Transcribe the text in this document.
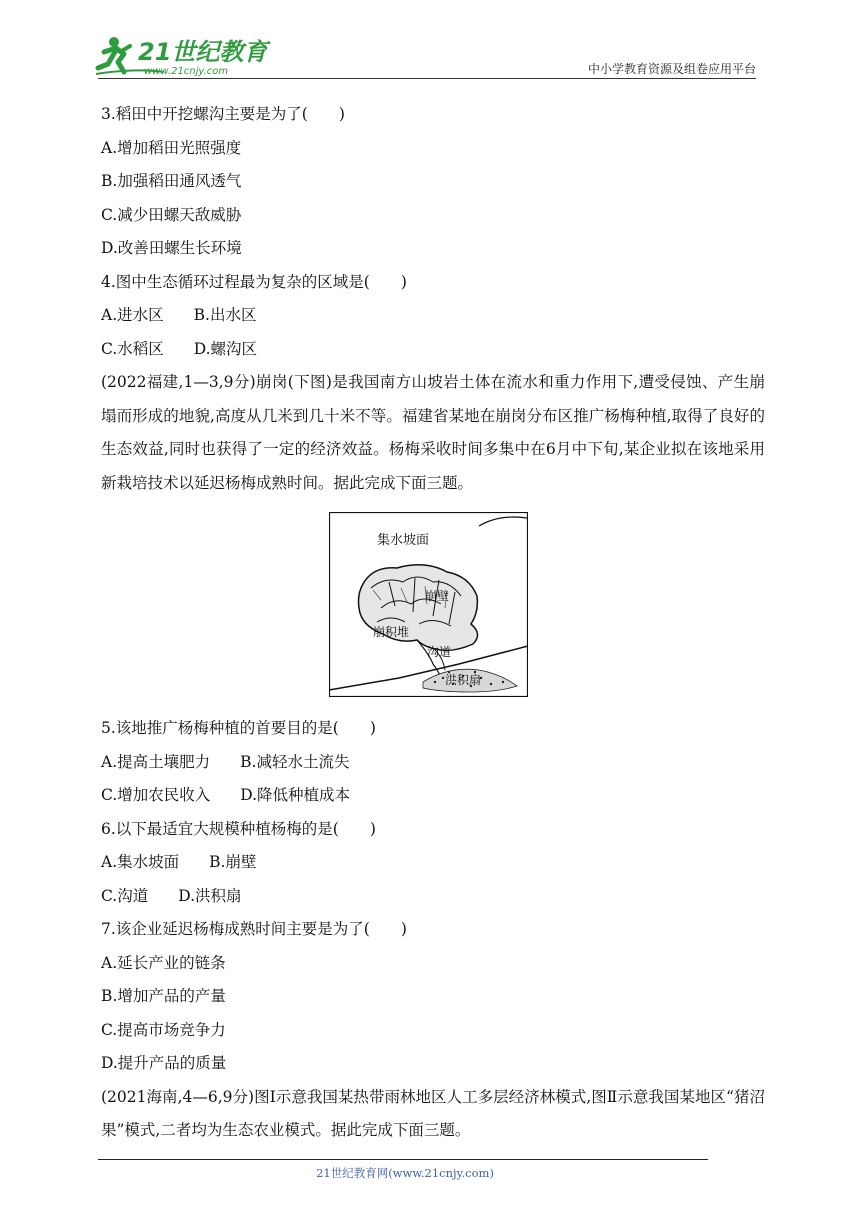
21世纪教育
www.21cnjy.com	中小学教育资源及组卷应用平台
3.稻田中开挖螺沟主要是为了(　　)
A.增加稻田光照强度
B.加强稻田通风透气
C.减少田螺天敌威胁
D.改善田螺生长环境
4.图中生态循环过程最为复杂的区域是(　　)
A.进水区 B.出水区
C.水稻区 D.螺沟区
(2022福建,1—3,9分)崩岗(下图)是我国南方山坡岩土体在流水和重力作用下,遭受侵蚀、产生崩塌而形成的地貌,高度从几米到几十米不等。福建省某地在崩岗分布区推广杨梅种植,取得了良好的生态效益,同时也获得了一定的经济效益。杨梅采收时间多集中在6月中下旬,某企业拟在该地采用新栽培技术以延迟杨梅成熟时间。据此完成下面三题。
集水坡面
崩壁
崩积堆
沟道
洪积扇
5.该地推广杨梅种植的首要目的是(　　)
A.提高土壤肥力 B.减轻水土流失
C.增加农民收入 D.降低种植成本
6.以下最适宜大规模种植杨梅的是(　　)
A.集水坡面 B.崩壁
C.沟道 D.洪积扇
7.该企业延迟杨梅成熟时间主要是为了(　　)
A.延长产业的链条
B.增加产品的产量
C.提高市场竞争力
D.提升产品的质量
(2021海南,4—6,9分)图Ⅰ示意我国某热带雨林地区人工多层经济林模式,图Ⅱ示意我国某地区“猪沼果”模式,二者均为生态农业模式。据此完成下面三题。
21世纪教育网(www.21cnjy.com)
